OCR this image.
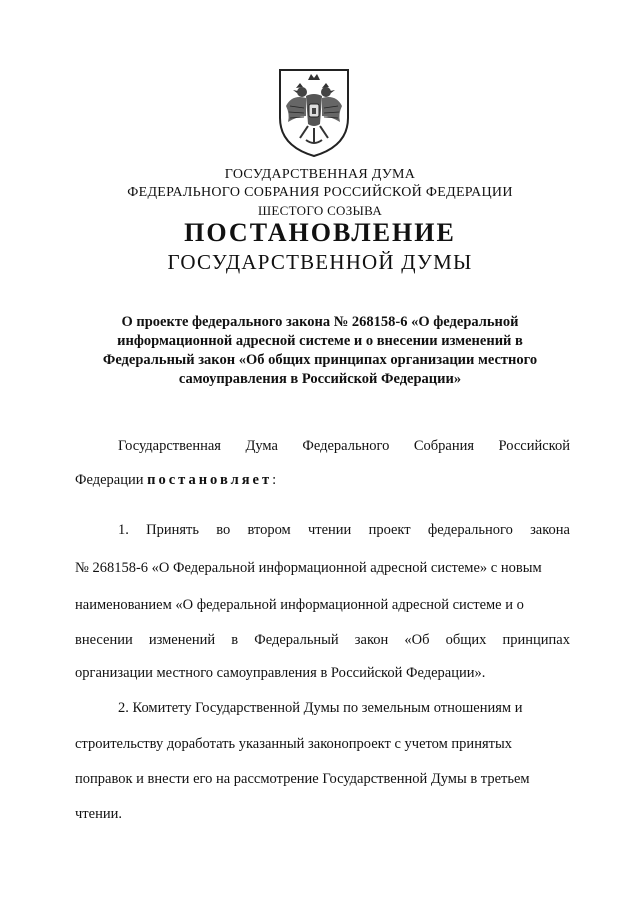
ГОСУДАРСТВЕННАЯ ДУМА
ФЕДЕРАЛЬНОГО СОБРАНИЯ РОССИЙСКОЙ ФЕДЕРАЦИИ
ШЕСТОГО СОЗЫВА
ПОСТАНОВЛЕНИЕ
ГОСУДАРСТВЕННОЙ ДУМЫ
О проекте федерального закона № 268158-6 «О федеральной
информационной адресной системе и о внесении изменений в
Федеральный закон «Об общих принципах организации местного
самоуправления в Российской Федерации»
Государственная Дума Федерального Собрания Российской
Федерации постановляет:
1. Принять во втором чтении проект федерального закона
№ 268158-6 «О Федеральной информационной адресной системе» с новым
наименованием «О федеральной информационной адресной системе и о
внесении изменений в Федеральный закон «Об общих принципах
организации местного самоуправления в Российской Федерации».
2. Комитету Государственной Думы по земельным отношениям и
строительству доработать указанный законопроект с учетом принятых
поправок и внести его на рассмотрение Государственной Думы в третьем
чтении.
